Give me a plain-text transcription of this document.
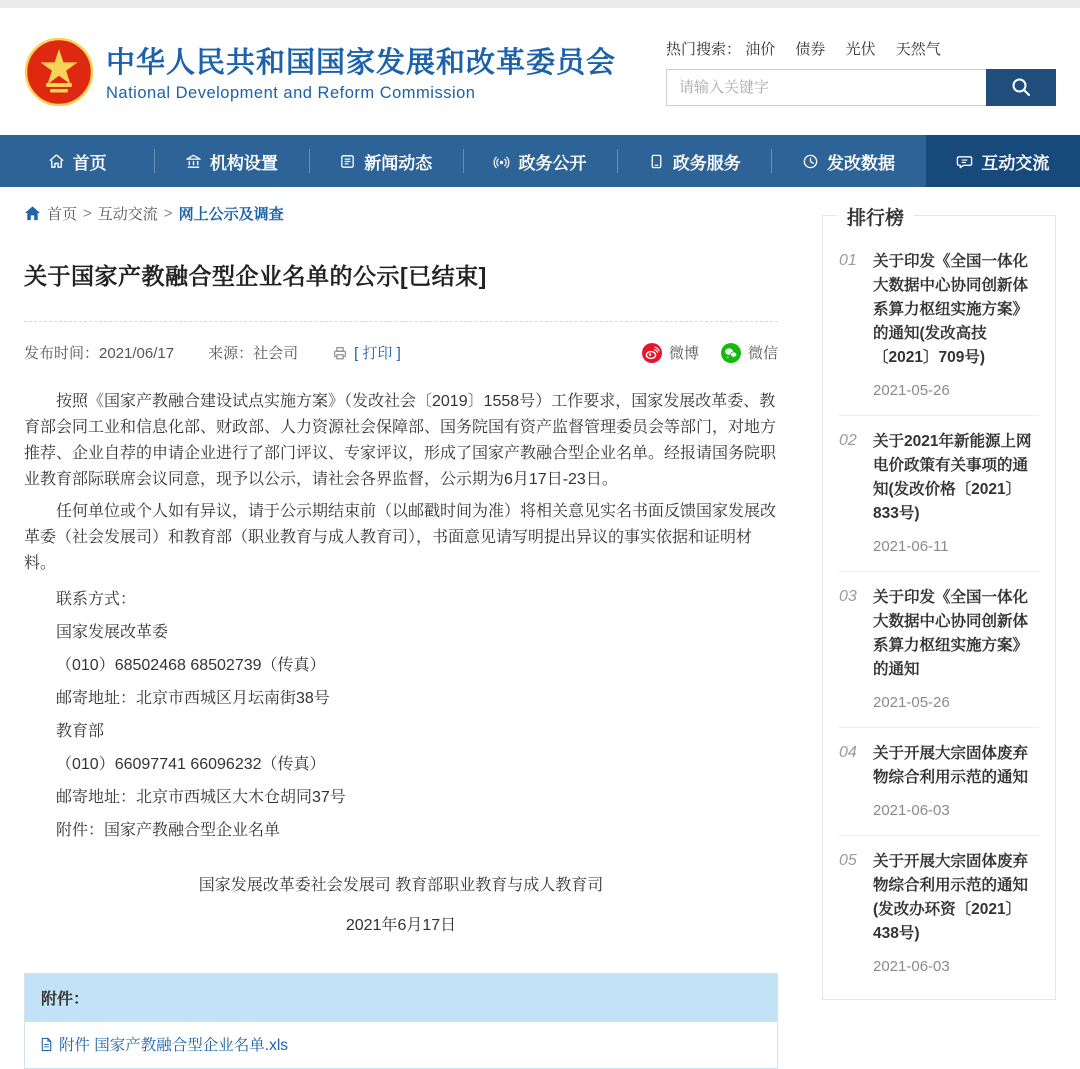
中华人民共和国国家发展和改革委员会
National Development and Reform Commission
热门搜索： 油价 债券 光伏 天然气
请输入关键字
首页	机构设置	新闻动态	政务公开	政务服务	发改数据	互动交流
首页 > 互动交流 > 网上公示及调查
关于国家产教融合型企业名单的公示[已结束]
发布时间：2021/06/17 来源：社会司	[ 打印 ]	微博	微信

按照《国家产教融合建设试点实施方案》（发改社会〔2019〕1558号）工作要求，国家发展改革委、教育部会同工业和信息化部、财政部、人力资源社会保障部、国务院国有资产监督管理委员会等部门，对地方推荐、企业自荐的申请企业进行了部门评议、专家评议，形成了国家产教融合型企业名单。经报请国务院职业教育部际联席会议同意，现予以公示，请社会各界监督，公示期为6月17日-23日。

任何单位或个人如有异议，请于公示期结束前（以邮戳时间为准）将相关意见实名书面反馈国家发展改革委（社会发展司）和教育部（职业教育与成人教育司），书面意见请写明提出异议的事实依据和证明材料。

联系方式：

国家发展改革委

（010）68502468 68502739（传真）

邮寄地址：北京市西城区月坛南街38号

教育部

（010）66097741 66096232（传真）

邮寄地址：北京市西城区大木仓胡同37号

附件：国家产教融合型企业名单

国家发展改革委社会发展司 教育部职业教育与成人教育司

2021年6月17日

附件：
附件 国家产教融合型企业名单.xls
排行榜
01	关于印发《全国一体化大数据中心协同创新体系算力枢纽实施方案》的通知(发改高技〔2021〕709号)
2021-05-26
02	关于2021年新能源上网电价政策有关事项的通知(发改价格〔2021〕833号)
2021-06-11
03	关于印发《全国一体化大数据中心协同创新体系算力枢纽实施方案》的通知
2021-05-26
04	关于开展大宗固体废弃物综合利用示范的通知
2021-06-03
05	关于开展大宗固体废弃物综合利用示范的通知(发改办环资〔2021〕438号)
2021-06-03
